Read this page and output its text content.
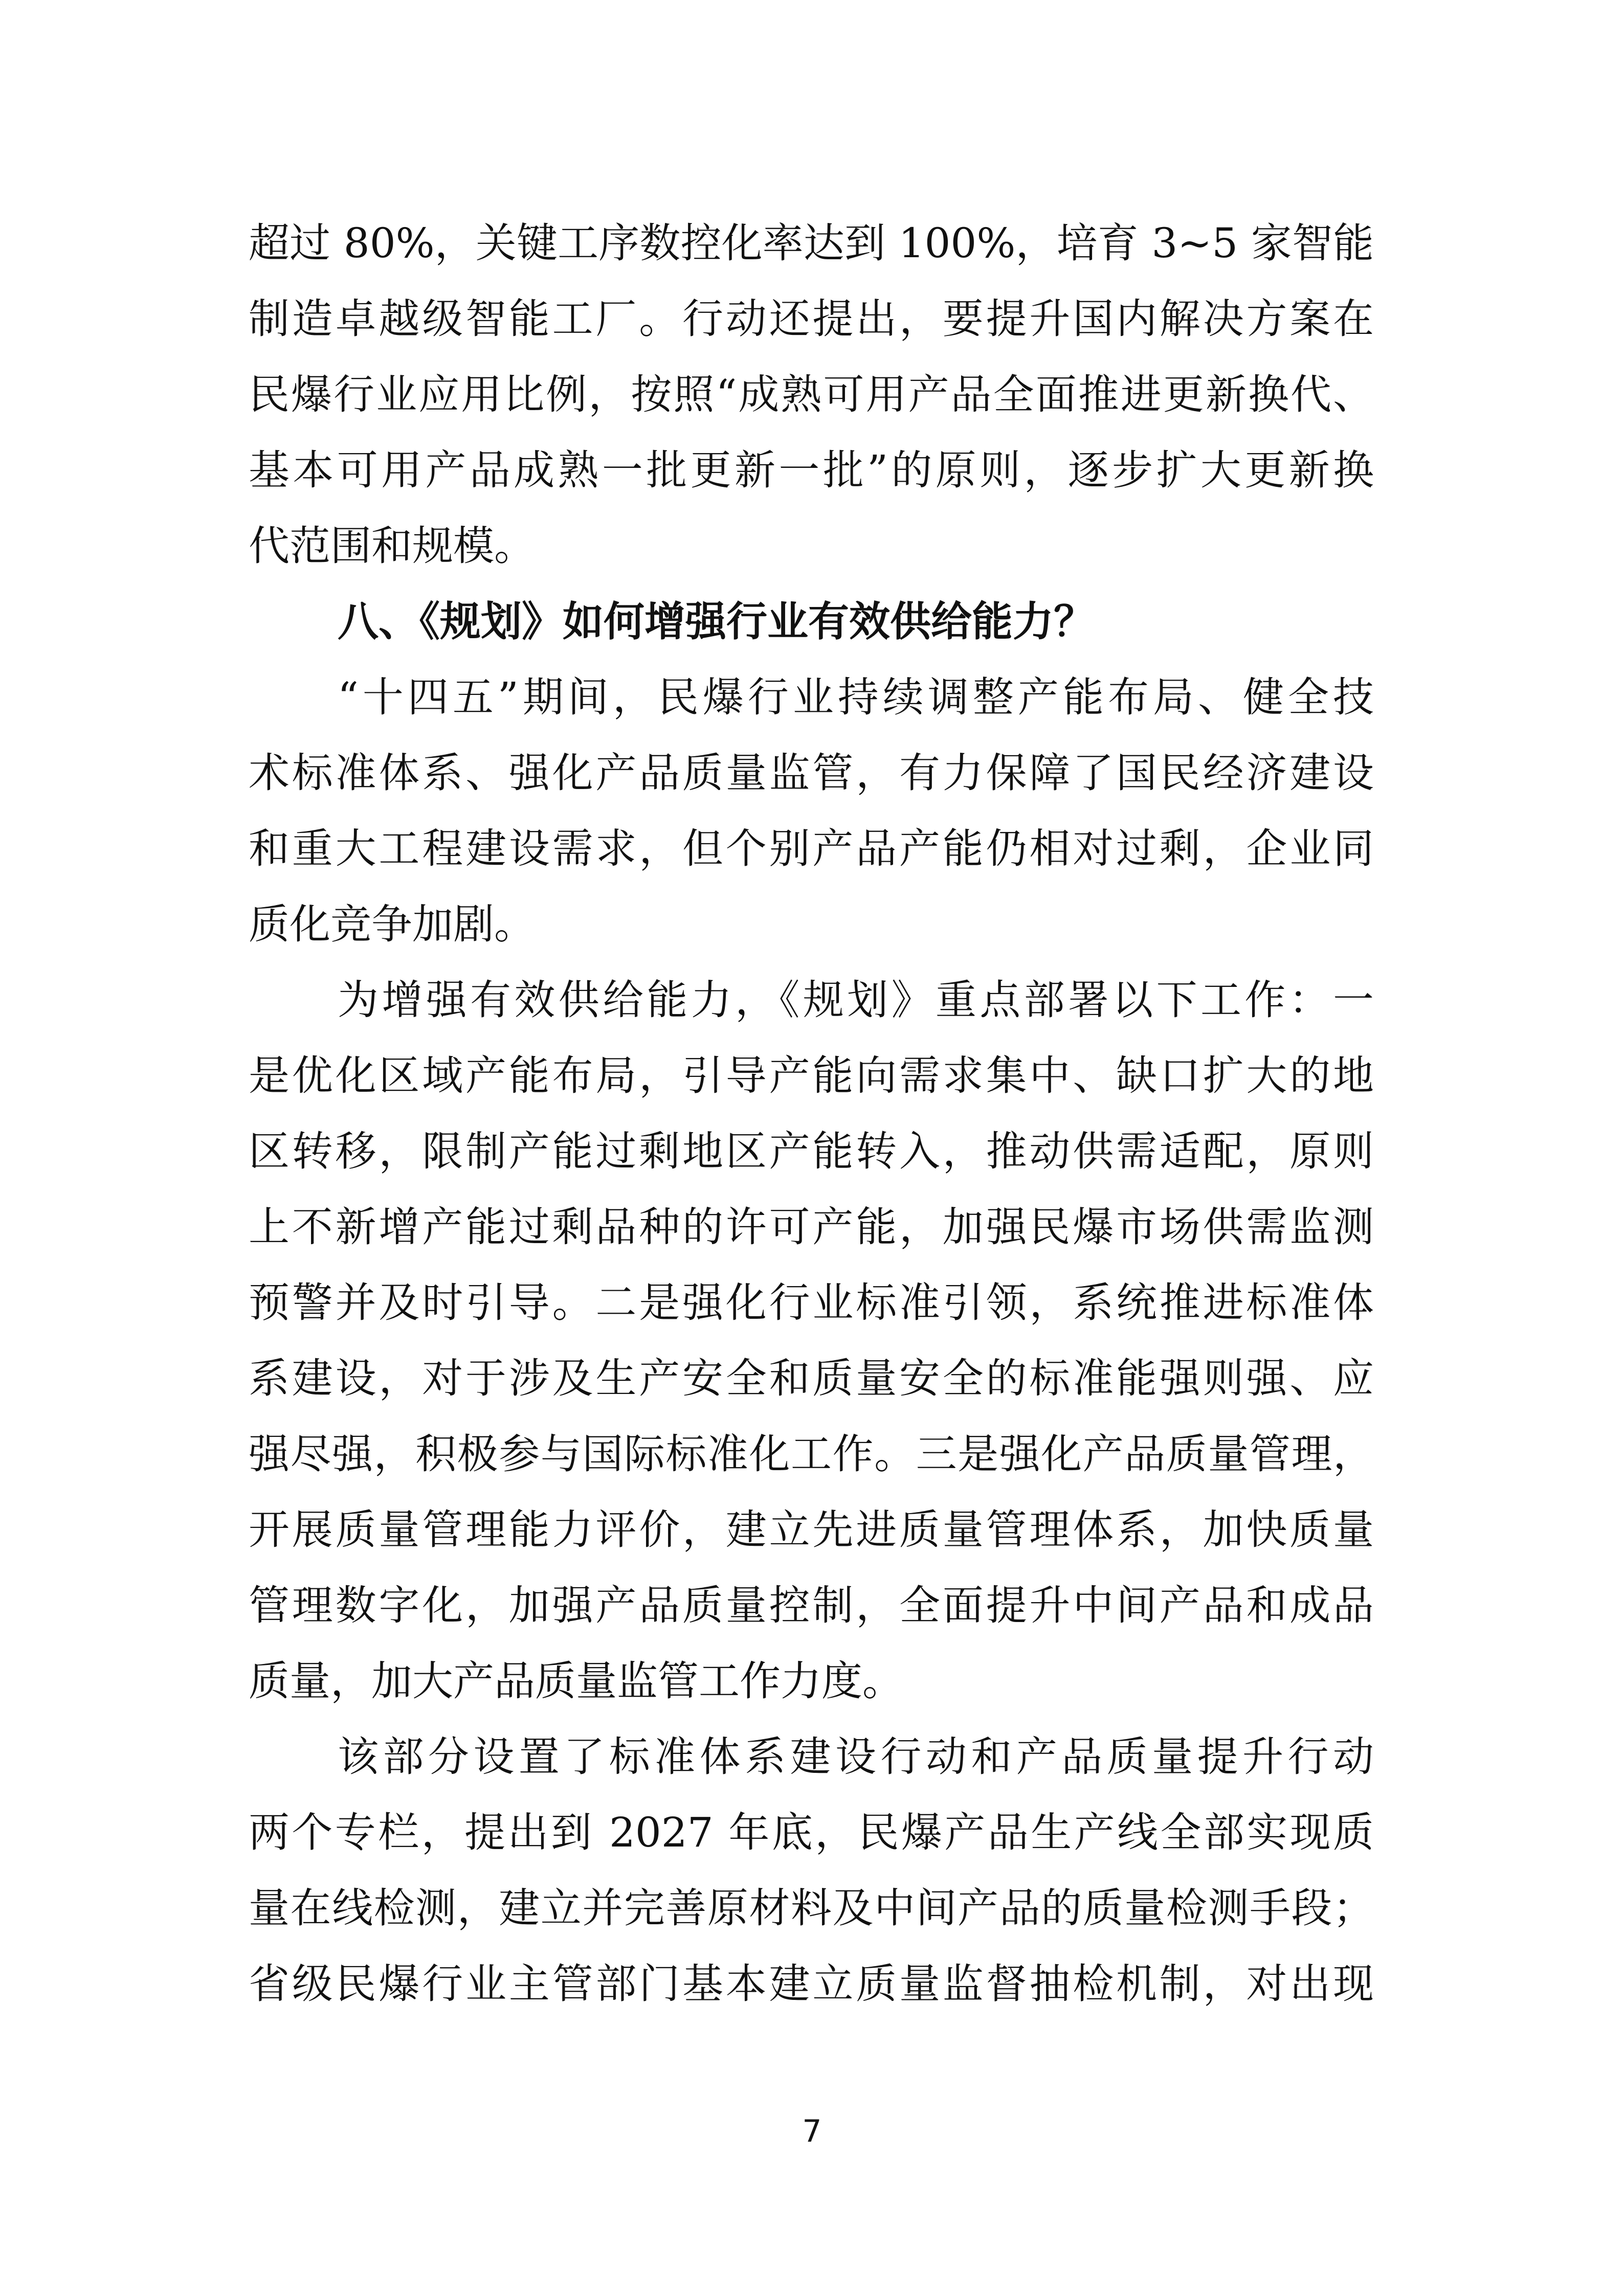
超过 80%，关键工序数控化率达到 100%，培育 3~5 家智能
制造卓越级智能工厂。行动还提出，要提升国内解决方案在
民爆行业应用比例，按照“成熟可用产品全面推进更新换代、
基本可用产品成熟一批更新一批”的原则，逐步扩大更新换
代范围和规模。
八、《规划》如何增强行业有效供给能力？
“十四五”期间，民爆行业持续调整产能布局、健全技
术标准体系、强化产品质量监管，有力保障了国民经济建设
和重大工程建设需求，但个别产品产能仍相对过剩，企业同
质化竞争加剧。
为增强有效供给能力，《规划》重点部署以下工作：一
是优化区域产能布局，引导产能向需求集中、缺口扩大的地
区转移，限制产能过剩地区产能转入，推动供需适配，原则
上不新增产能过剩品种的许可产能，加强民爆市场供需监测
预警并及时引导。二是强化行业标准引领，系统推进标准体
系建设，对于涉及生产安全和质量安全的标准能强则强、应
强尽强，积极参与国际标准化工作。三是强化产品质量管理，
开展质量管理能力评价，建立先进质量管理体系，加快质量
管理数字化，加强产品质量控制，全面提升中间产品和成品
质量，加大产品质量监管工作力度。
该部分设置了标准体系建设行动和产品质量提升行动
两个专栏，提出到 2027 年底，民爆产品生产线全部实现质
量在线检测，建立并完善原材料及中间产品的质量检测手段；
省级民爆行业主管部门基本建立质量监督抽检机制，对出现
7
